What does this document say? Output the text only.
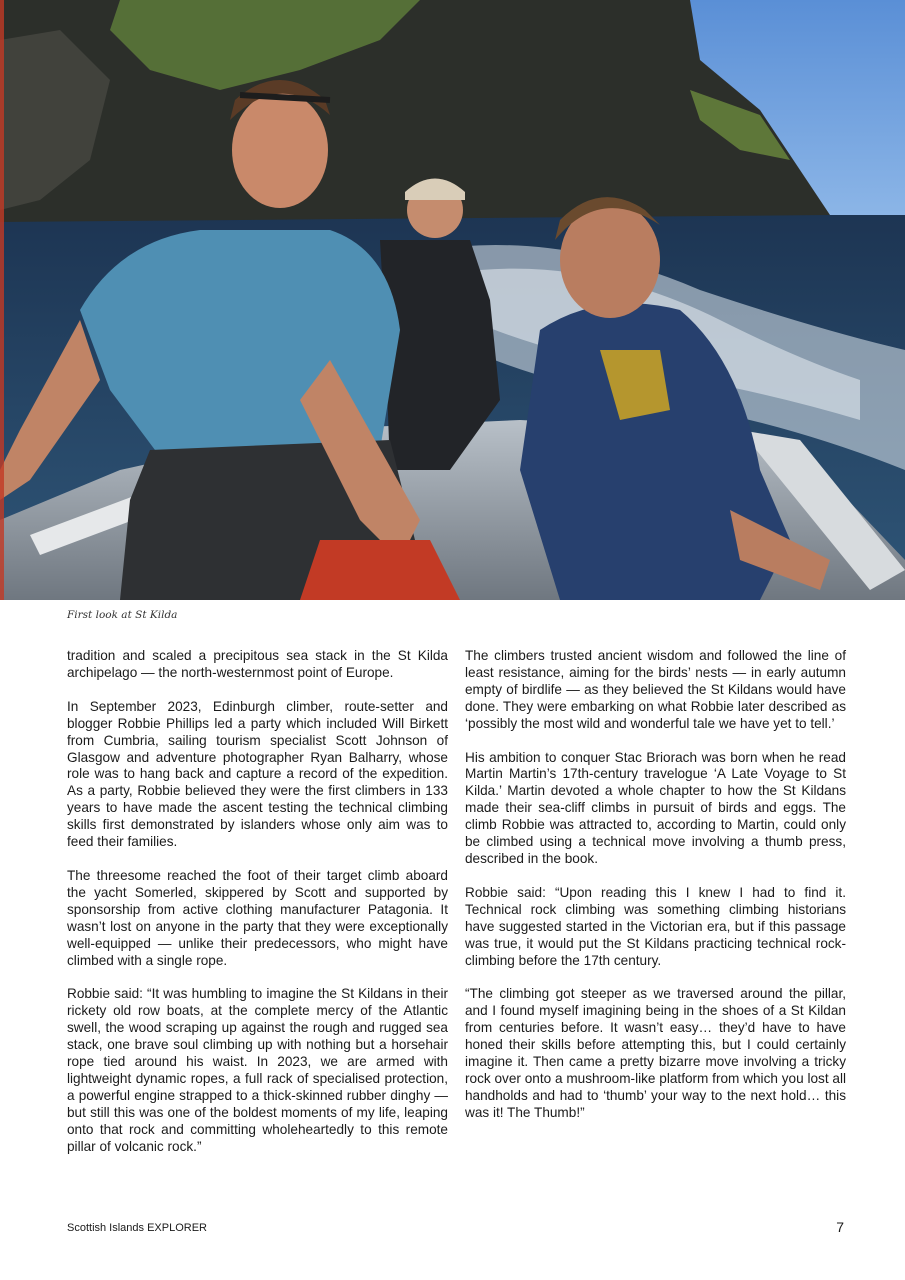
First look at St Kilda

tradition and scaled a precipitous sea stack in the St Kilda archipelago — the north-westernmost point of Europe.

In September 2023, Edinburgh climber, route-setter and blogger Robbie Phillips led a party which included Will Birkett from Cumbria, sailing tourism specialist Scott Johnson of Glasgow and adventure photographer Ryan Balharry, whose role was to hang back and capture a record of the expedition. As a party, Robbie believed they were the first climbers in 133 years to have made the ascent testing the technical climbing skills first demonstrated by islanders whose only aim was to feed their families.

The threesome reached the foot of their target climb aboard the yacht Somerled, skippered by Scott and supported by sponsorship from active clothing manufacturer Patagonia. It wasn’t lost on anyone in the party that they were exceptionally well-equipped — unlike their predecessors, who might have climbed with a single rope.

Robbie said: “It was humbling to imagine the St Kildans in their rickety old row boats, at the complete mercy of the Atlantic swell, the wood scraping up against the rough and rugged sea stack, one brave soul climbing up with nothing but a horsehair rope tied around his waist. In 2023, we are armed with lightweight dynamic ropes, a full rack of specialised protection, a powerful engine strapped to a thick-skinned rubber dinghy — but still this was one of the boldest moments of my life, leaping onto that rock and committing wholeheartedly to this remote pillar of volcanic rock.”

The climbers trusted ancient wisdom and followed the line of least resistance, aiming for the birds’ nests — in early autumn empty of birdlife — as they believed the St Kildans would have done. They were embarking on what Robbie later described as ‘possibly the most wild and wonderful tale we have yet to tell.’

His ambition to conquer Stac Briorach was born when he read Martin Martin’s 17th-century travelogue ‘A Late Voyage to St Kilda.’ Martin devoted a whole chapter to how the St Kildans made their sea-cliff climbs in pursuit of birds and eggs. The climb Robbie was attracted to, according to Martin, could only be climbed using a technical move involving a thumb press, described in the book.

Robbie said: “Upon reading this I knew I had to find it. Technical rock climbing was something climbing historians have suggested started in the Victorian era, but if this passage was true, it would put the St Kildans practicing technical rock-climbing before the 17th century.

“The climbing got steeper as we traversed around the pillar, and I found myself imagining being in the shoes of a St Kildan from centuries before. It wasn’t easy… they’d have to have honed their skills before attempting this, but I could certainly imagine it. Then came a pretty bizarre move involving a tricky rock over onto a mushroom-like platform from which you lost all handholds and had to ‘thumb’ your way to the next hold… this was it! The Thumb!”

Scottish Islands EXPLORER	7
